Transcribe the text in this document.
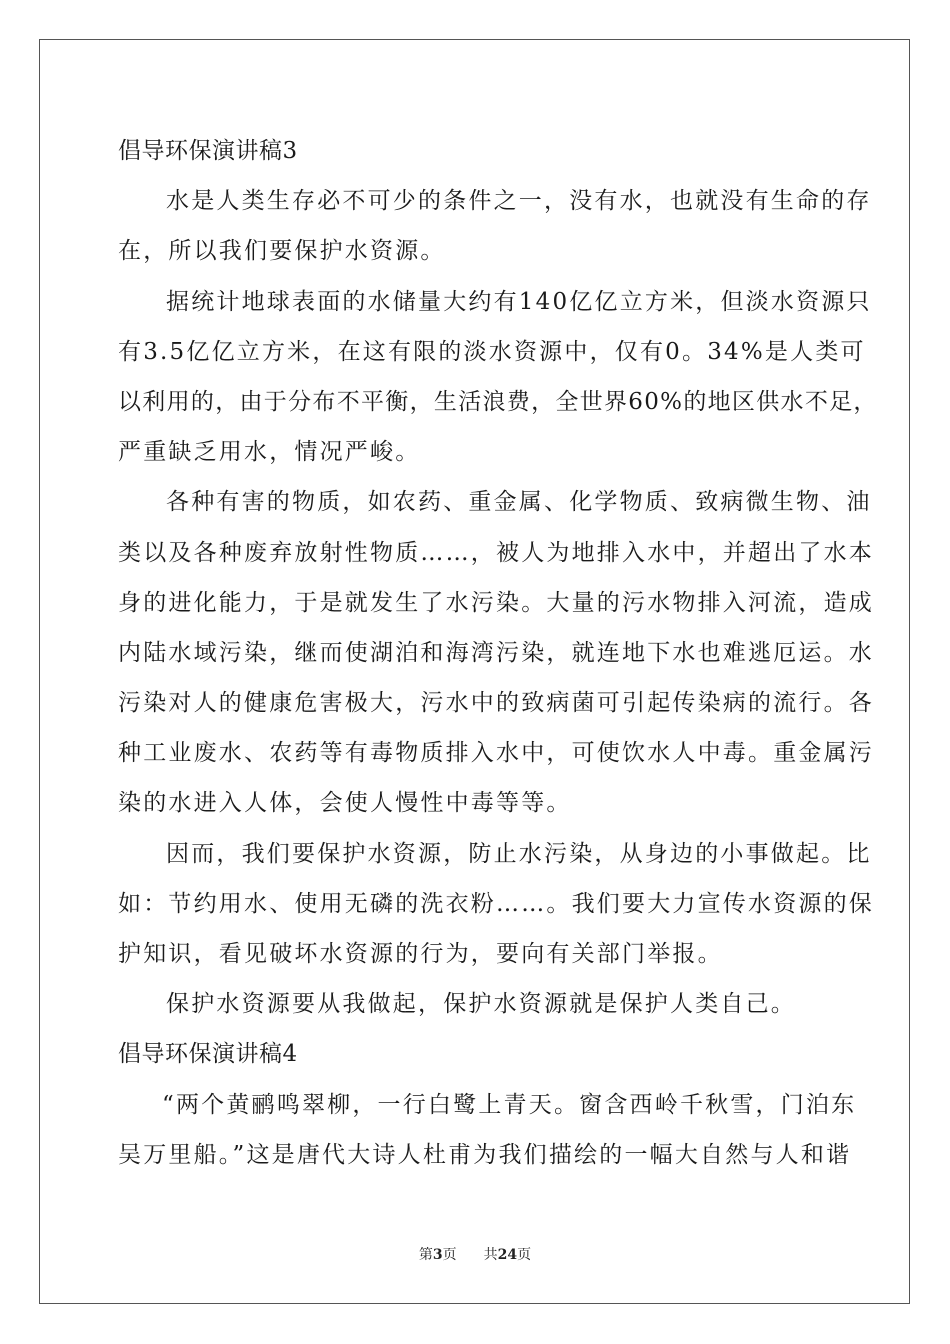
倡导环保演讲稿3
水是人类生存必不可少的条件之一，没有水，也就没有生命的存
在，所以我们要保护水资源。
据统计地球表面的水储量大约有140亿亿立方米，但淡水资源只
有3.5亿亿立方米，在这有限的淡水资源中，仅有0。34%是人类可
以利用的，由于分布不平衡，生活浪费，全世界60%的地区供水不足，
严重缺乏用水，情况严峻。
各种有害的物质，如农药、重金属、化学物质、致病微生物、油
类以及各种废弃放射性物质……，被人为地排入水中，并超出了水本
身的进化能力，于是就发生了水污染。大量的污水物排入河流，造成
内陆水域污染，继而使湖泊和海湾污染，就连地下水也难逃厄运。水
污染对人的健康危害极大，污水中的致病菌可引起传染病的流行。各
种工业废水、农药等有毒物质排入水中，可使饮水人中毒。重金属污
染的水进入人体，会使人慢性中毒等等。
因而，我们要保护水资源，防止水污染，从身边的小事做起。比
如：节约用水、使用无磷的洗衣粉……。我们要大力宣传水资源的保
护知识，看见破坏水资源的行为，要向有关部门举报。
保护水资源要从我做起，保护水资源就是保护人类自己。
倡导环保演讲稿4
“两个黄鹂鸣翠柳，一行白鹭上青天。窗含西岭千秋雪，门泊东
吴万里船。”这是唐代大诗人杜甫为我们描绘的一幅大自然与人和谐
第3页 共24页
